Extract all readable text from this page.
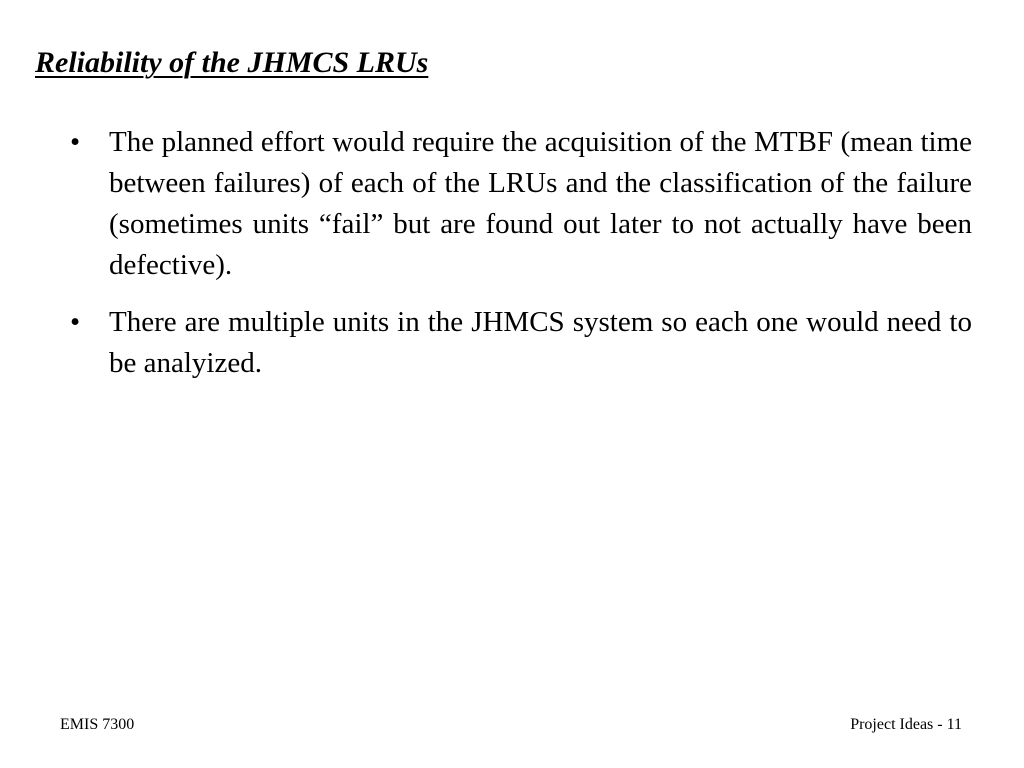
Reliability of the JHMCS LRUs
• The planned effort would require the acquisition of the MTBF (mean time between failures) of each of the LRUs and the classification of the failure (sometimes units “fail” but are found out later to not actually have been defective).
• There are multiple units in the JHMCS system so each one would need to be analyized.
EMIS 7300	Project Ideas - 11
